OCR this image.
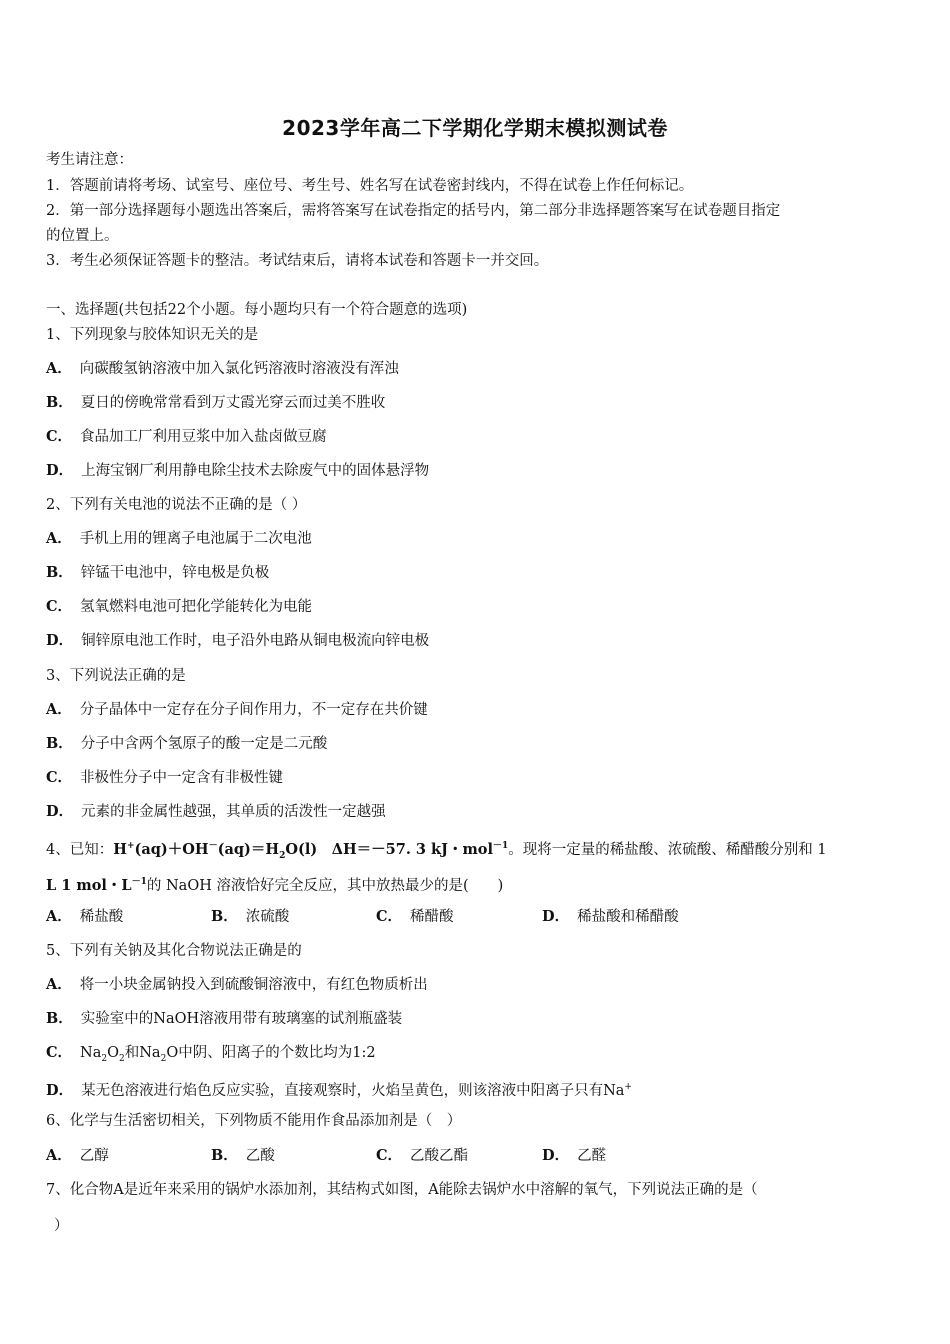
2023学年高二下学期化学期末模拟测试卷
考生请注意：
1．答题前请将考场、试室号、座位号、考生号、姓名写在试卷密封线内，不得在试卷上作任何标记。
2．第一部分选择题每小题选出答案后，需将答案写在试卷指定的括号内，第二部分非选择题答案写在试卷题目指定
的位置上。
3．考生必须保证答题卡的整洁。考试结束后，请将本试卷和答题卡一并交回。
一、选择题(共包括22个小题。每小题均只有一个符合题意的选项)
1、下列现象与胶体知识无关的是
A． 向碳酸氢钠溶液中加入氯化钙溶液时溶液没有浑浊
B． 夏日的傍晚常常看到万丈霞光穿云而过美不胜收
C． 食品加工厂利用豆浆中加入盐卤做豆腐
D． 上海宝钢厂利用静电除尘技术去除废气中的固体悬浮物
2、下列有关电池的说法不正确的是（ ）
A． 手机上用的锂离子电池属于二次电池
B． 锌锰干电池中，锌电极是负极
C． 氢氧燃料电池可把化学能转化为电能
D． 铜锌原电池工作时，电子沿外电路从铜电极流向锌电极
3、下列说法正确的是
A． 分子晶体中一定存在分子间作用力，不一定存在共价键
B． 分子中含两个氢原子的酸一定是二元酸
C． 非极性分子中一定含有非极性键
D． 元素的非金属性越强，其单质的活泼性一定越强
4、已知：$H^+(aq)+OH^-(aq)=H_2O(l)$　ΔH＝－57. 3 kJ・mol$^{-1}$。现将一定量的稀盐酸、浓硫酸、稀醋酸分别和 1
L 1 mol・$L^{-1}$的 NaOH 溶液恰好完全反应，其中放热最少的是(　　)
A． 稀盐酸	B． 浓硫酸	C． 稀醋酸	D． 稀盐酸和稀醋酸
5、下列有关钠及其化合物说法正确是的
A． 将一小块金属钠投入到硫酸铜溶液中，有红色物质析出
B． 实验室中的NaOH溶液用带有玻璃塞的试剂瓶盛装
C． $Na_2O_2$和$Na_2O$中阴、阳离子的个数比均为1:2
D． 某无色溶液进行焰色反应实验，直接观察时，火焰呈黄色，则该溶液中阳离子只有Na+
6、化学与生活密切相关，下列物质不能用作食品添加剂是（　）
A． 乙醇	B． 乙酸	C． 乙酸乙酯	D． 乙醛
7、化合物A是近年来采用的锅炉水添加剂，其结构式如图，A能除去锅炉水中溶解的氧气，下列说法正确的是（
）
